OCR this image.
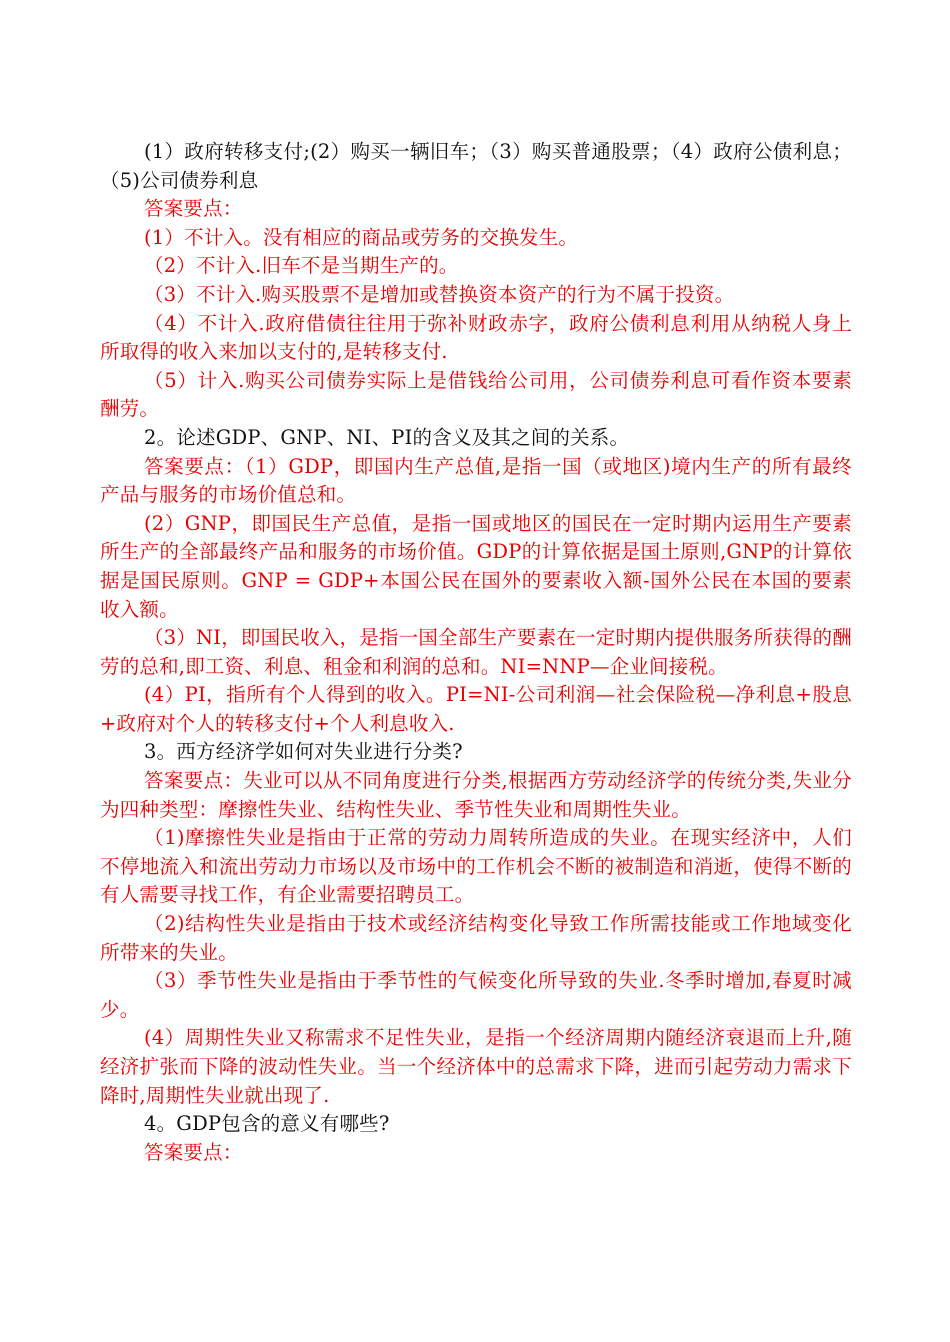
(1）政府转移支付;(2）购买一辆旧车；（3）购买普通股票；（4）政府公债利息；（5)公司债券利息

答案要点：

(1）不计入。没有相应的商品或劳务的交换发生。

（2）不计入.旧车不是当期生产的。

（3）不计入.购买股票不是增加或替换资本资产的行为不属于投资。

（4）不计入.政府借债往往用于弥补财政赤字，政府公债利息利用从纳税人身上所取得的收入来加以支付的,是转移支付.

（5）计入.购买公司债券实际上是借钱给公司用，公司债券利息可看作资本要素酬劳。

2。论述GDP、GNP、NI、PI的含义及其之间的关系。

答案要点：（1）GDP，即国内生产总值,是指一国（或地区)境内生产的所有最终产品与服务的市场价值总和。

(2）GNP，即国民生产总值，是指一国或地区的国民在一定时期内运用生产要素所生产的全部最终产品和服务的市场价值。GDP的计算依据是国土原则,GNP的计算依据是国民原则。GNP = GDP+本国公民在国外的要素收入额-国外公民在本国的要素收入额。

（3）NI，即国民收入，是指一国全部生产要素在一定时期内提供服务所获得的酬劳的总和,即工资、利息、租金和利润的总和。NI=NNP—企业间接税。

(4）PI，指所有个人得到的收入。PI=NI-公司利润—社会保险税—净利息+股息+政府对个人的转移支付+个人利息收入.

3。西方经济学如何对失业进行分类?

答案要点：失业可以从不同角度进行分类,根据西方劳动经济学的传统分类,失业分为四种类型：摩擦性失业、结构性失业、季节性失业和周期性失业。

（1)摩擦性失业是指由于正常的劳动力周转所造成的失业。在现实经济中，人们不停地流入和流出劳动力市场以及市场中的工作机会不断的被制造和消逝，使得不断的有人需要寻找工作，有企业需要招聘员工。

（2)结构性失业是指由于技术或经济结构变化导致工作所需技能或工作地域变化所带来的失业。

（3）季节性失业是指由于季节性的气候变化所导致的失业.冬季时增加,春夏时减少。

(4）周期性失业又称需求不足性失业，是指一个经济周期内随经济衰退而上升,随经济扩张而下降的波动性失业。当一个经济体中的总需求下降，进而引起劳动力需求下降时,周期性失业就出现了.

4。GDP包含的意义有哪些?

答案要点：
